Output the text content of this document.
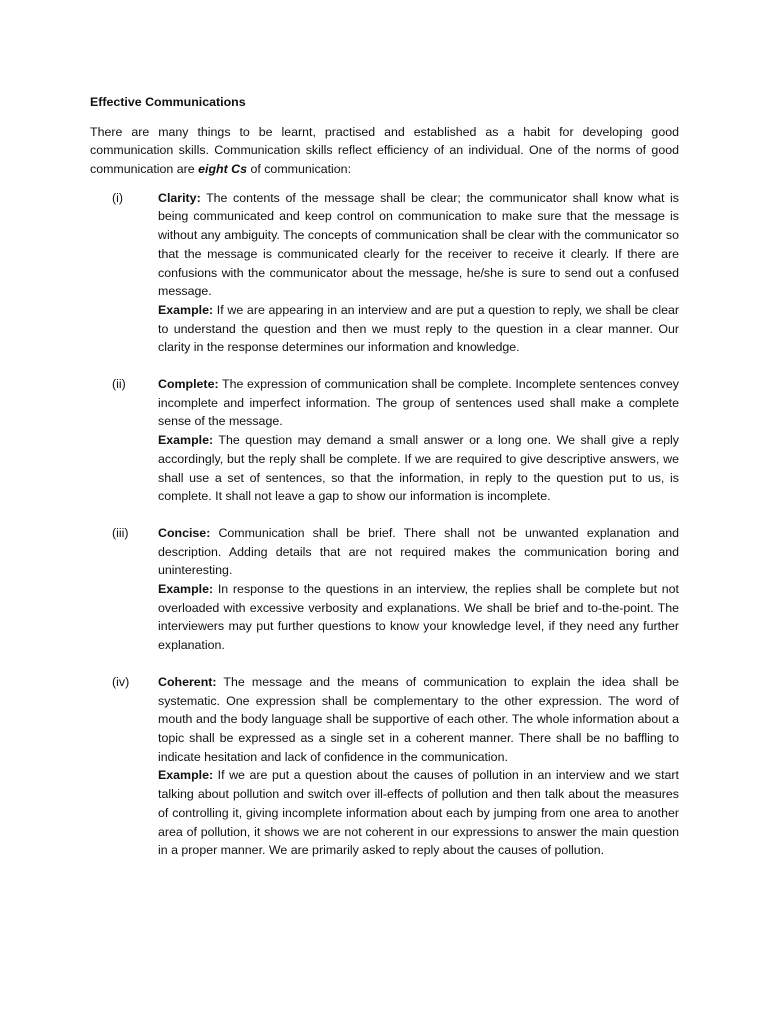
Effective Communications

There are many things to be learnt, practised and established as a habit for developing good communication skills. Communication skills reflect efficiency of an individual. One of the norms of good communication are eight Cs of communication:

(i)	Clarity: The contents of the message shall be clear; the communicator shall know what is being communicated and keep control on communication to make sure that the message is without any ambiguity. The concepts of communication shall be clear with the communicator so that the message is communicated clearly for the receiver to receive it clearly. If there are confusions with the communicator about the message, he/she is sure to send out a confused message.

Example: If we are appearing in an interview and are put a question to reply, we shall be clear to understand the question and then we must reply to the question in a clear manner. Our clarity in the response determines our information and knowledge.

(ii)	Complete: The expression of communication shall be complete. Incomplete sentences convey incomplete and imperfect information. The group of sentences used shall make a complete sense of the message.

Example: The question may demand a small answer or a long one. We shall give a reply accordingly, but the reply shall be complete. If we are required to give descriptive answers, we shall use a set of sentences, so that the information, in reply to the question put to us, is complete. It shall not leave a gap to show our information is incomplete.

(iii)	Concise: Communication shall be brief. There shall not be unwanted explanation and description. Adding details that are not required makes the communication boring and uninteresting.

Example: In response to the questions in an interview, the replies shall be complete but not overloaded with excessive verbosity and explanations. We shall be brief and to-the-point. The interviewers may put further questions to know your knowledge level, if they need any further explanation.

(iv)	Coherent: The message and the means of communication to explain the idea shall be systematic. One expression shall be complementary to the other expression. The word of mouth and the body language shall be supportive of each other. The whole information about a topic shall be expressed as a single set in a coherent manner. There shall be no baffling to indicate hesitation and lack of confidence in the communication.

Example: If we are put a question about the causes of pollution in an interview and we start talking about pollution and switch over ill-effects of pollution and then talk about the measures of controlling it, giving incomplete information about each by jumping from one area to another area of pollution, it shows we are not coherent in our expressions to answer the main question in a proper manner. We are primarily asked to reply about the causes of pollution.
